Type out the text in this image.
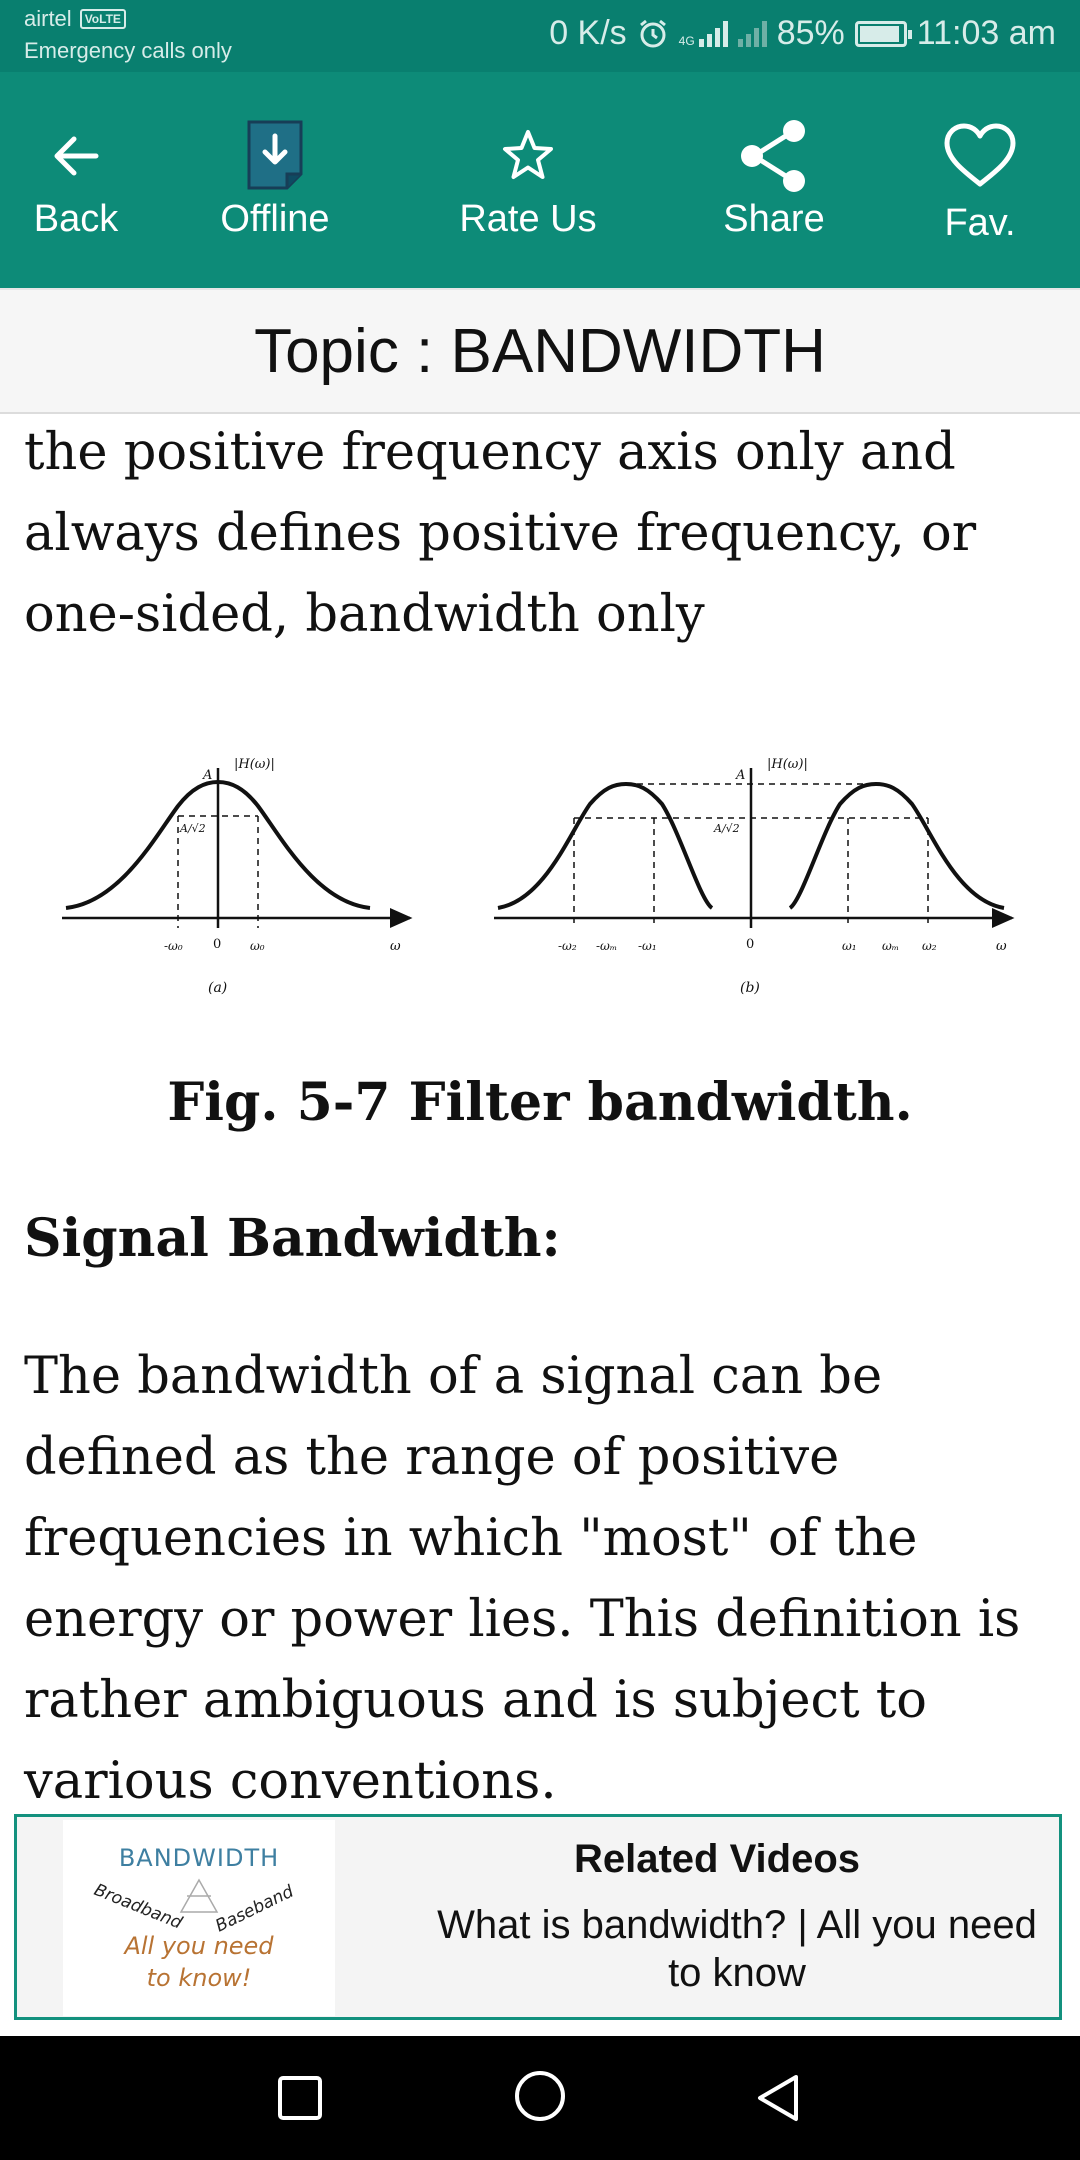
airtel	VoLTE
Emergency calls only	0 K/s	4G 85% 11:03 am
Back	Offline	Rate Us	Share	Fav.
Topic : BANDWIDTH
the positive frequency axis only and
always defines positive frequency, or
one-sided, bandwidth only
|H(ω)|
A
A/√2
-ω₀ 0 ω₀	ω
(a)
|H(ω)|
A
A/√2
-ω₂ -ωₘ -ω₁	0	ω₁ ωₘ ω₂	ω
(b)
Fig. 5-7 Filter bandwidth.
Signal Bandwidth:
The bandwidth of a signal can be
defined as the range of positive
frequencies in which "most" of the
energy or power lies. This definition is
rather ambiguous and is subject to
various conventions.
BANDWIDTH
Broadband Baseband
All you need
to know!
Related Videos
What is bandwidth? | All you need to know
